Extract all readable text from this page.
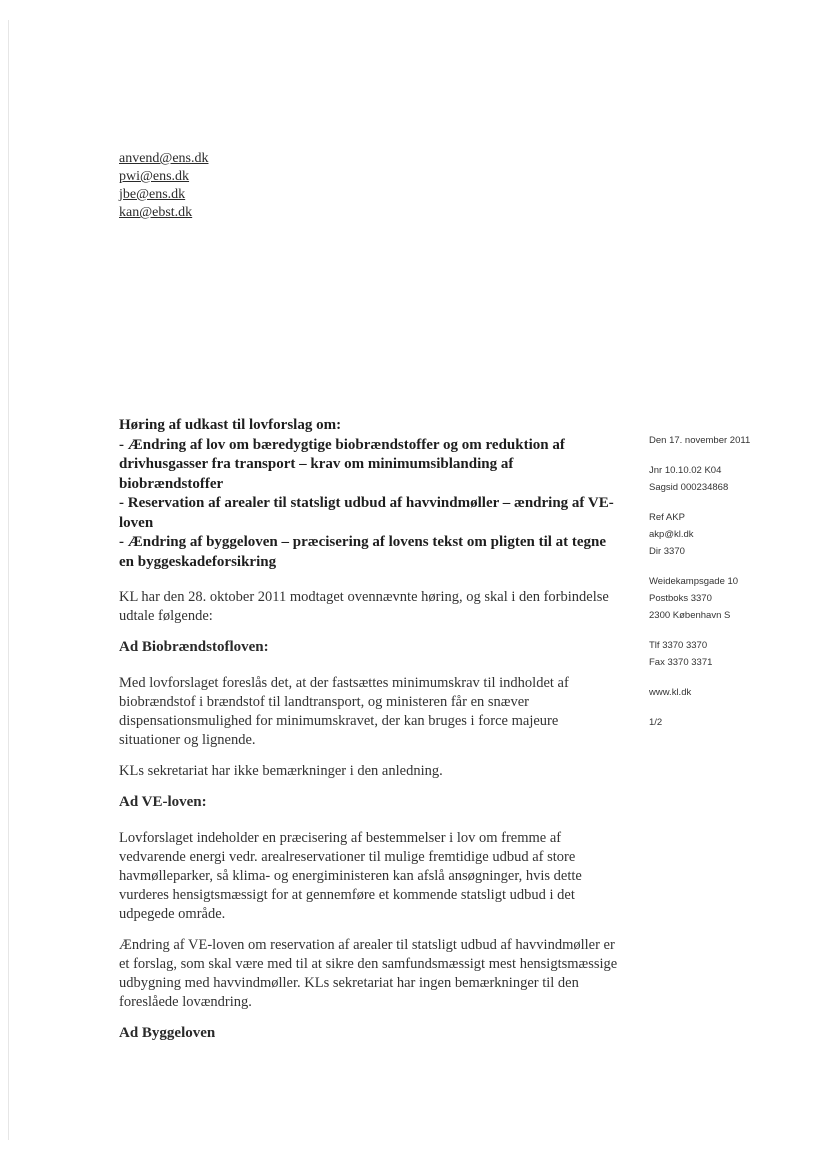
anvend@ens.dk
pwi@ens.dk
jbe@ens.dk
kan@ebst.dk
Høring af udkast til lovforslag om:
- Ændring af lov om bæredygtige biobrændstoffer og om reduktion af drivhusgasser fra transport – krav om minimumsiblanding af biobrændstoffer
- Reservation af arealer til statsligt udbud af havvindmøller – ændring af VE-loven
- Ændring af byggeloven – præcisering af lovens tekst om pligten til at tegne en byggeskadeforsikring
Den 17. november 2011
Jnr 10.10.02 K04
Sagsid 000234868
Ref AKP
akp@kl.dk
Dir 3370
Weidekampsgade 10
Postboks 3370
2300 København S
Tlf 3370 3370
Fax 3370 3371
www.kl.dk
1/2

KL har den 28. oktober 2011 modtaget ovennævnte høring, og skal i den forbindelse udtale følgende:

Ad Biobrændstofloven:

Med lovforslaget foreslås det, at der fastsættes minimumskrav til indholdet af biobrændstof i brændstof til landtransport, og ministeren får en snæver dispensationsmulighed for minimumskravet, der kan bruges i force majeure situationer og lignende.

KLs sekretariat har ikke bemærkninger i den anledning.

Ad VE-loven:

Lovforslaget indeholder en præcisering af bestemmelser i lov om fremme af vedvarende energi vedr. arealreservationer til mulige fremtidige udbud af store havmølleparker, så klima- og energiministeren kan afslå ansøgninger, hvis dette vurderes hensigtsmæssigt for at gennemføre et kommende statsligt udbud i det udpegede område.

Ændring af VE-loven om reservation af arealer til statsligt udbud af havvindmøller er et forslag, som skal være med til at sikre den samfundsmæssigt mest hensigtsmæssige udbygning med havvindmøller. KLs sekretariat har ingen bemærkninger til den foreslåede lovændring.

Ad Byggeloven
